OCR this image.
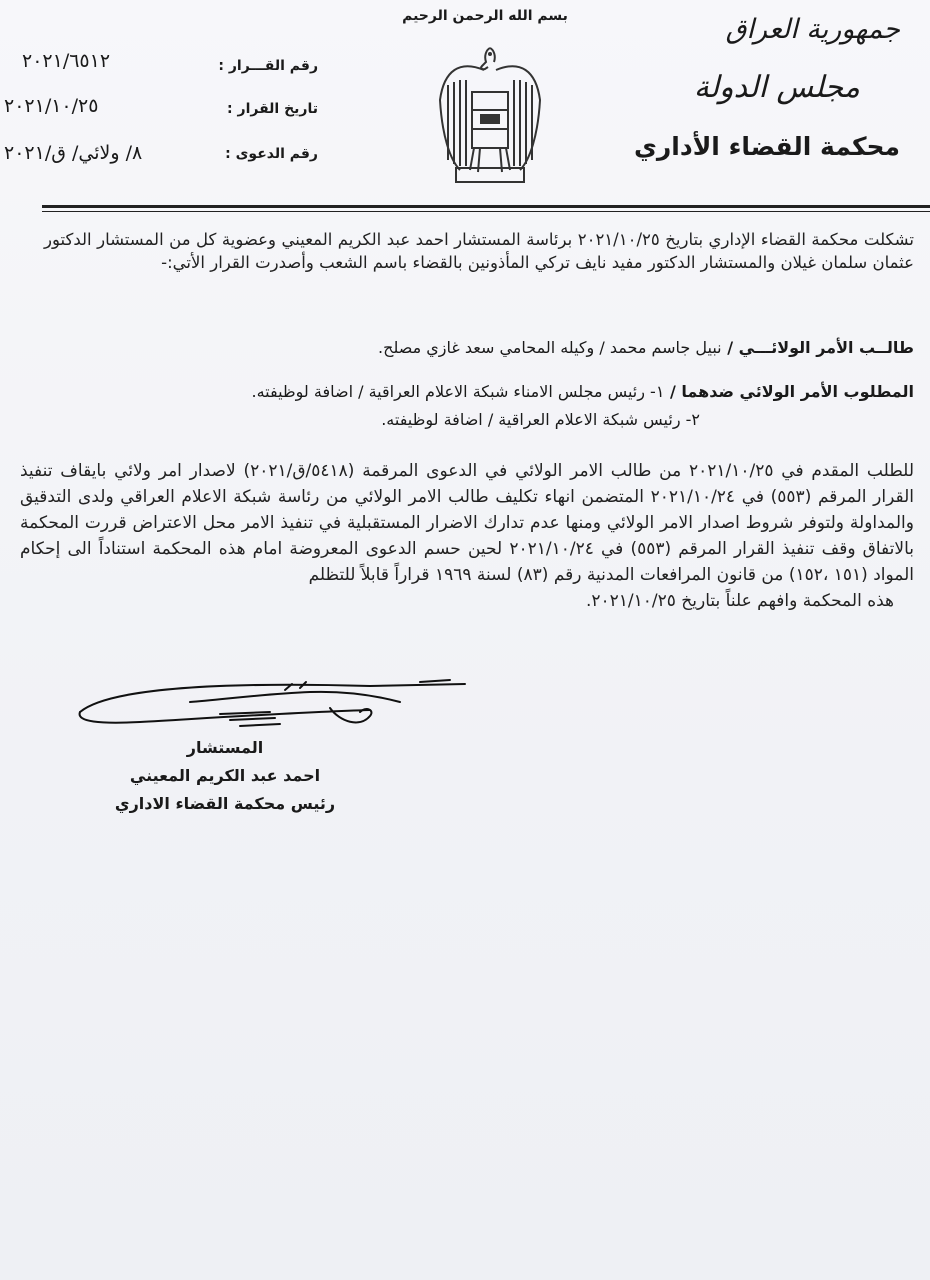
بسم الله الرحمن الرحيم	جمهورية العراق
مجلس الدولة
محكمة القضاء الأداري
رقم القـــرار :
٢٠٢١/٦٥١٢
تاريخ القرار :
٢٠٢١/١٠/٢٥
رقم الدعوى :
٨/ ولائي/ ق/٢٠٢١
تشكلت محكمة القضاء الإداري بتاريخ ٢٠٢١/١٠/٢٥ برئاسة المستشار احمد عبد الكريم المعيني وعضوية كل من المستشار الدكتور عثمان سلمان غيلان والمستشار الدكتور مفيد نايف تركي المأذونين بالقضاء باسم الشعب وأصدرت القرار الأتي:-
طالــب الأمر الولائـــي / نبيل جاسم محمد / وكيله المحامي سعد غازي مصلح.
المطلوب الأمر الولائي ضدهما / ١- رئيس مجلس الامناء شبكة الاعلام العراقية / اضافة لوظيفته.
٢- رئيس شبكة الاعلام العراقية / اضافة لوظيفته.
للطلب المقدم في ٢٠٢١/١٠/٢٥ من طالب الامر الولائي في الدعوى المرقمة (٥٤١٨/ق/٢٠٢١) لاصدار امر ولائي بايقاف تنفيذ القرار المرقم (٥٥٣) في ٢٠٢١/١٠/٢٤ المتضمن انهاء تكليف طالب الامر الولائي من رئاسة شبكة الاعلام العراقي ولدى التدقيق والمداولة ولتوفر شروط اصدار الامر الولائي ومنها عدم تدارك الاضرار المستقبلية في تنفيذ الامر محل الاعتراض قررت المحكمة بالاتفاق وقف تنفيذ القرار المرقم (٥٥٣) في ٢٠٢١/١٠/٢٤ لحين حسم الدعوى المعروضة امام هذه المحكمة استناداً الى إحكام المواد (١٥١ ،١٥٢) من قانون المرافعات المدنية رقم (٨٣) لسنة ١٩٦٩ قراراً قابلاً للتظلم
هذه المحكمة وافهم علناً بتاريخ ٢٠٢١/١٠/٢٥.
المستشار
احمد عبد الكريم المعيني
رئيس محكمة القضاء الاداري
